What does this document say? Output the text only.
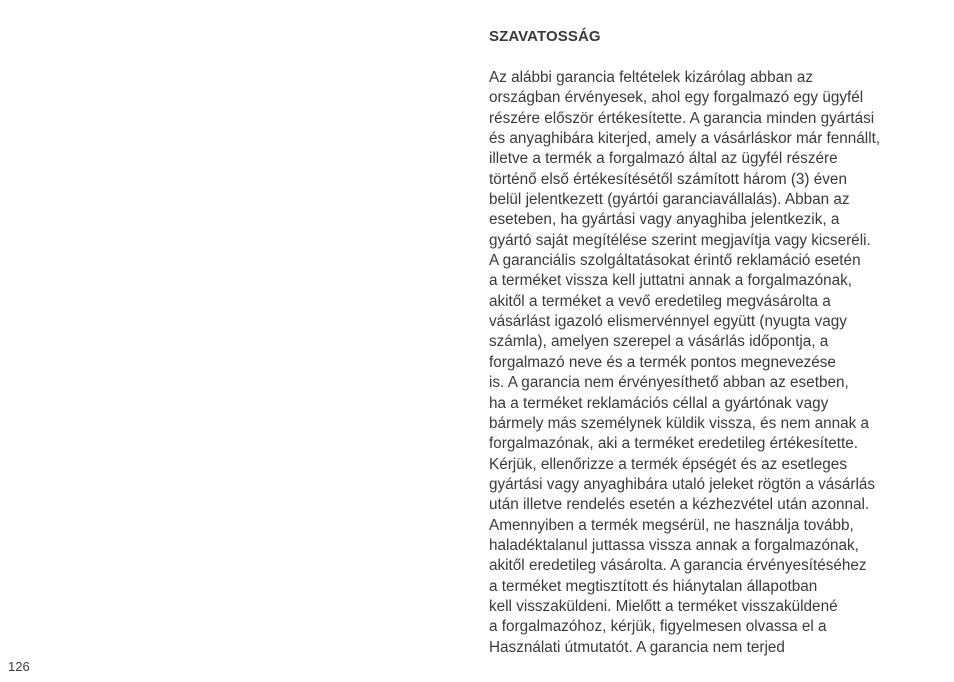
SZAVATOSSÁG
Az alábbi garancia feltételek kizárólag abban az
országban érvényesek, ahol egy forgalmazó egy ügyfél
részére először értékesítette. A garancia minden gyártási
és anyaghibára kiterjed, amely a vásárláskor már fennállt,
illetve a termék a forgalmazó által az ügyfél részére
történő első értékesítésétől számított három (3) éven
belül jelentkezett (gyártói garanciavállalás). Abban az
eseteben, ha gyártási vagy anyaghiba jelentkezik, a
gyártó saját megítélése szerint megjavítja vagy kicseréli.
A garanciális szolgáltatásokat érintő reklamáció esetén
a terméket vissza kell juttatni annak a forgalmazónak,
akitől a terméket a vevő eredetileg megvásárolta a
vásárlást igazoló elismervénnyel együtt (nyugta vagy
számla), amelyen szerepel a vásárlás időpontja, a
forgalmazó neve és a termék pontos megnevezése
is. A garancia nem érvényesíthető abban az esetben,
ha a terméket reklamációs céllal a gyártónak vagy
bármely más személynek küldik vissza, és nem annak a
forgalmazónak, aki a terméket eredetileg értékesítette.
Kérjük, ellenőrizze a termék épségét és az esetleges
gyártási vagy anyaghibára utaló jeleket rögtön a vásárlás
után illetve rendelés esetén a kézhezvétel után azonnal.
Amennyiben a termék megsérül, ne használja tovább,
haladéktalanul juttassa vissza annak a forgalmazónak,
akitől eredetileg vásárolta. A garancia érvényesítéséhez
a terméket megtisztított és hiánytalan állapotban
kell visszaküldeni. Mielőtt a terméket visszaküldené
a forgalmazóhoz, kérjük, figyelmesen olvassa el a
Használati útmutatót. A garancia nem terjed
126
